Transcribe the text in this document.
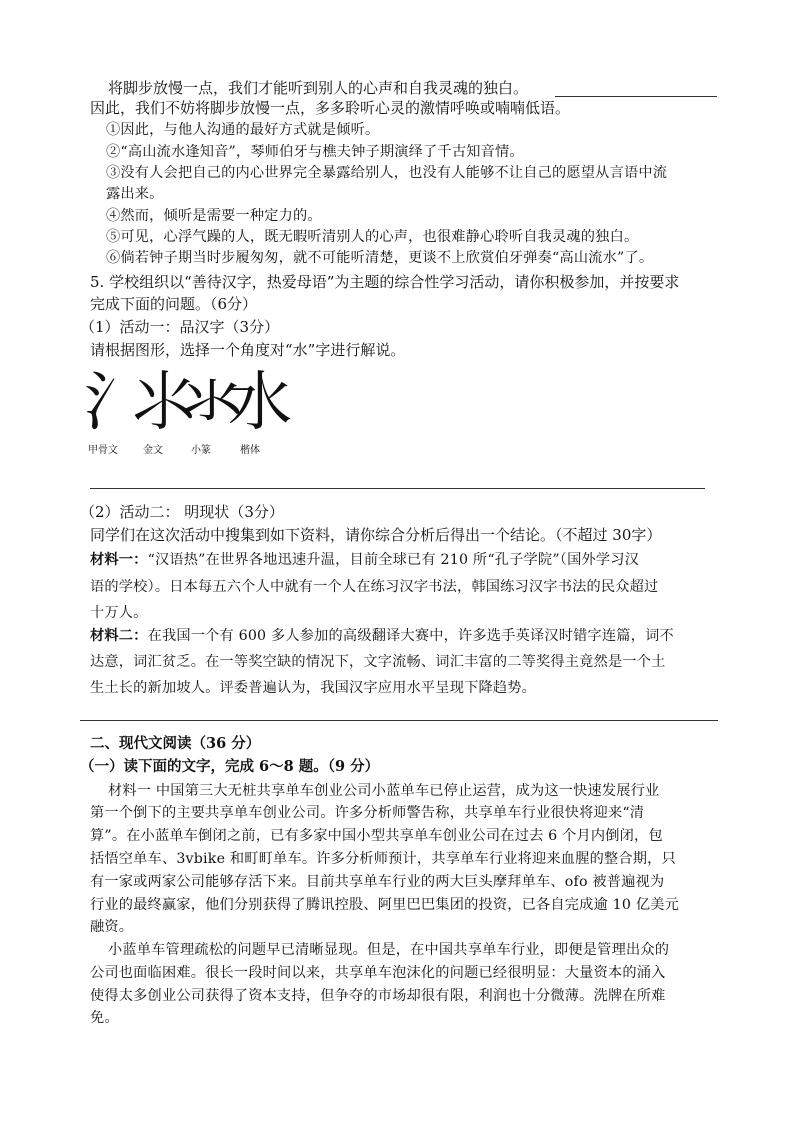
将脚步放慢一点，我们才能听到别人的心声和自我灵魂的独白。
因此，我们不妨将脚步放慢一点，多多聆听心灵的激情呼唤或喃喃低语。
①因此，与他人沟通的最好方式就是倾听。
②“高山流水逢知音”，琴师伯牙与樵夫钟子期演绎了千古知音情。
③没有人会把自己的内心世界完全暴露给别人，也没有人能够不让自己的愿望从言语中流
露出来。
④然而，倾听是需要一种定力的。
⑤可见，心浮气躁的人，既无暇听清别人的心声，也很难静心聆听自我灵魂的独白。
⑥倘若钟子期当时步履匆匆，就不可能听清楚，更谈不上欣赏伯牙弹奏“高山流水”了。
5. 学校组织以“善待汉字，热爱母语”为主题的综合性学习活动，请你积极参加，并按要求
完成下面的问题。（6分）
（1）活动一：品汉字（3分）
请根据图形，选择一个角度对“水”字进行解说。
氵
⺢
氺
水
甲骨文	金文	小篆	楷体
（2）活动二： 明现状（3分）
同学们在这次活动中搜集到如下资料，请你综合分析后得出一个结论。（不超过 30字）
材料一：“汉语热”在世界各地迅速升温，目前全球已有 210 所“孔子学院”（国外学习汉
语的学校）。日本每五六个人中就有一个人在练习汉字书法，韩国练习汉字书法的民众超过
十万人。
材料二：在我国一个有 600 多人参加的高级翻译大赛中，许多选手英译汉时错字连篇，词不
达意，词汇贫乏。在一等奖空缺的情况下，文字流畅、词汇丰富的二等奖得主竟然是一个土
生土长的新加坡人。评委普遍认为，我国汉字应用水平呈现下降趋势。
二、现代文阅读（36 分）
（一）读下面的文字，完成 6～8 题。（9 分）
材料一 中国第三大无桩共享单车创业公司小蓝单车已停止运营，成为这一快速发展行业
第一个倒下的主要共享单车创业公司。许多分析师警告称，共享单车行业很快将迎来“清
算”。在小蓝单车倒闭之前，已有多家中国小型共享单车创业公司在过去 6 个月内倒闭，包
括悟空单车、3vbike 和町町单车。许多分析师预计，共享单车行业将迎来血腥的整合期，只
有一家或两家公司能够存活下来。目前共享单车行业的两大巨头摩拜单车、ofo 被普遍视为
行业的最终赢家，他们分别获得了腾讯控股、阿里巴巴集团的投资，已各自完成逾 10 亿美元
融资。
小蓝单车管理疏松的问题早已清晰显现。但是，在中国共享单车行业，即便是管理出众的
公司也面临困难。很长一段时间以来，共享单车泡沫化的问题已经很明显：大量资本的涌入
使得太多创业公司获得了资本支持，但争夺的市场却很有限，利润也十分微薄。洗牌在所难
免。
